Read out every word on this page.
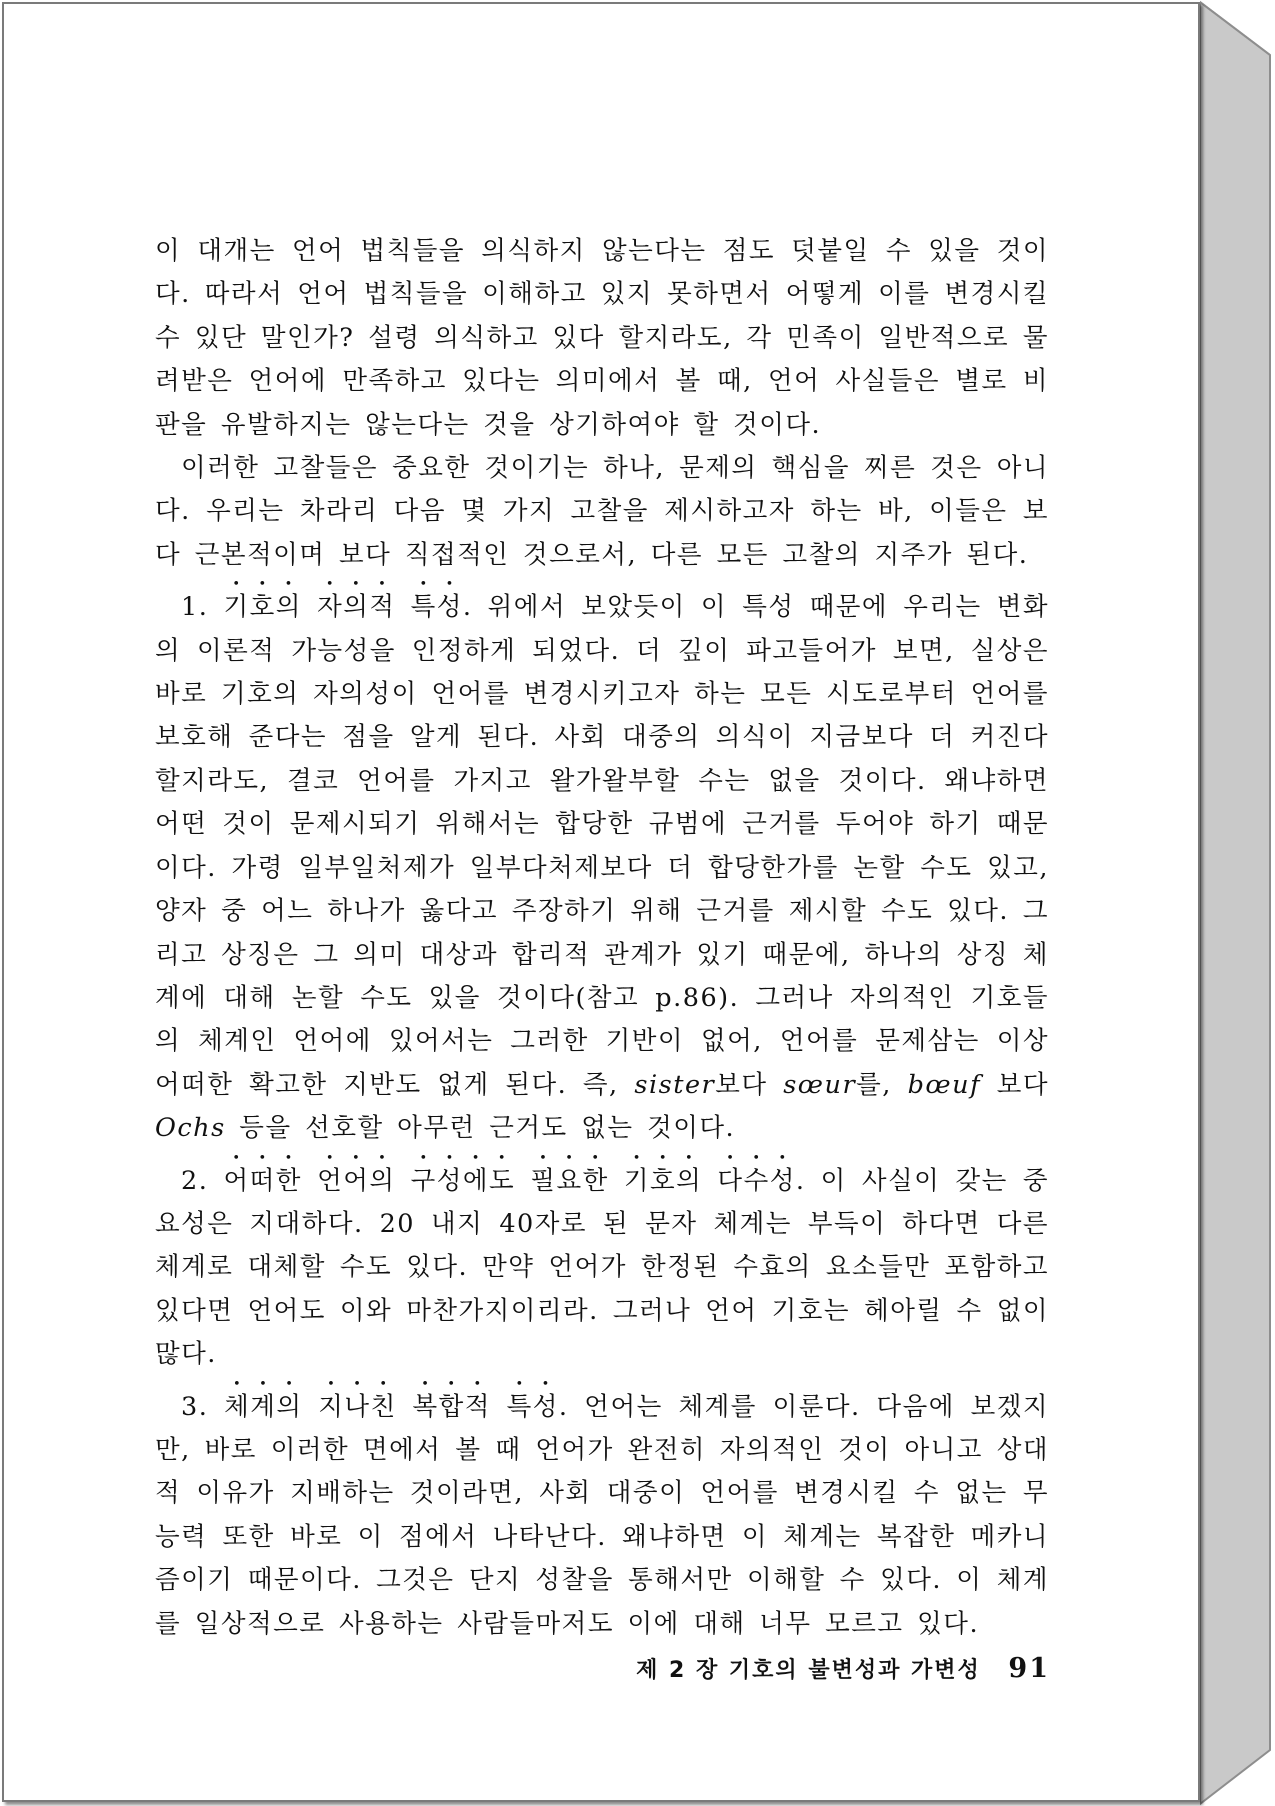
이 대개는 언어 법칙들을 의식하지 않는다는 점도 덧붙일 수 있을 것이다. 따라서 언어 법칙들을 이해하고 있지 못하면서 어떻게 이를 변경시킬 수 있단 말인가? 설령 의식하고 있다 할지라도, 각 민족이 일반적으로 물려받은 언어에 만족하고 있다는 의미에서 볼 때, 언어 사실들은 별로 비판을 유발하지는 않는다는 것을 상기하여야 할 것이다.

이러한 고찰들은 중요한 것이기는 하나, 문제의 핵심을 찌른 것은 아니다. 우리는 차라리 다음 몇 가지 고찰을 제시하고자 하는 바, 이들은 보다 근본적이며 보다 직접적인 것으로서, 다른 모든 고찰의 지주가 된다.

1. 기호의 자의적 특성. 위에서 보았듯이 이 특성 때문에 우리는 변화의 이론적 가능성을 인정하게 되었다. 더 깊이 파고들어가 보면, 실상은 바로 기호의 자의성이 언어를 변경시키고자 하는 모든 시도로부터 언어를 보호해 준다는 점을 알게 된다. 사회 대중의 의식이 지금보다 더 커진다 할지라도, 결코 언어를 가지고 왈가왈부할 수는 없을 것이다. 왜냐하면 어떤 것이 문제시되기 위해서는 합당한 규범에 근거를 두어야 하기 때문이다. 가령 일부일처제가 일부다처제보다 더 합당한가를 논할 수도 있고, 양자 중 어느 하나가 옳다고 주장하기 위해 근거를 제시할 수도 있다. 그리고 상징은 그 의미 대상과 합리적 관계가 있기 때문에, 하나의 상징 체계에 대해 논할 수도 있을 것이다(참고 p.86). 그러나 자의적인 기호들의 체계인 언어에 있어서는 그러한 기반이 없어, 언어를 문제삼는 이상 어떠한 확고한 지반도 없게 된다. 즉, sister보다 sœur를, bœuf 보다 Ochs 등을 선호할 아무런 근거도 없는 것이다.

2. 어떠한 언어의 구성에도 필요한 기호의 다수성. 이 사실이 갖는 중요성은 지대하다. 20 내지 40자로 된 문자 체계는 부득이 하다면 다른 체계로 대체할 수도 있다. 만약 언어가 한정된 수효의 요소들만 포함하고 있다면 언어도 이와 마찬가지이리라. 그러나 언어 기호는 헤아릴 수 없이 많다.

3. 체계의 지나친 복합적 특성. 언어는 체계를 이룬다. 다음에 보겠지만, 바로 이러한 면에서 볼 때 언어가 완전히 자의적인 것이 아니고 상대적 이유가 지배하는 것이라면, 사회 대중이 언어를 변경시킬 수 없는 무능력 또한 바로 이 점에서 나타난다. 왜냐하면 이 체계는 복잡한 메카니즘이기 때문이다. 그것은 단지 성찰을 통해서만 이해할 수 있다. 이 체계를 일상적으로 사용하는 사람들마저도 이에 대해 너무 모르고 있다.

제 2 장 기호의 불변성과 가변성 91
